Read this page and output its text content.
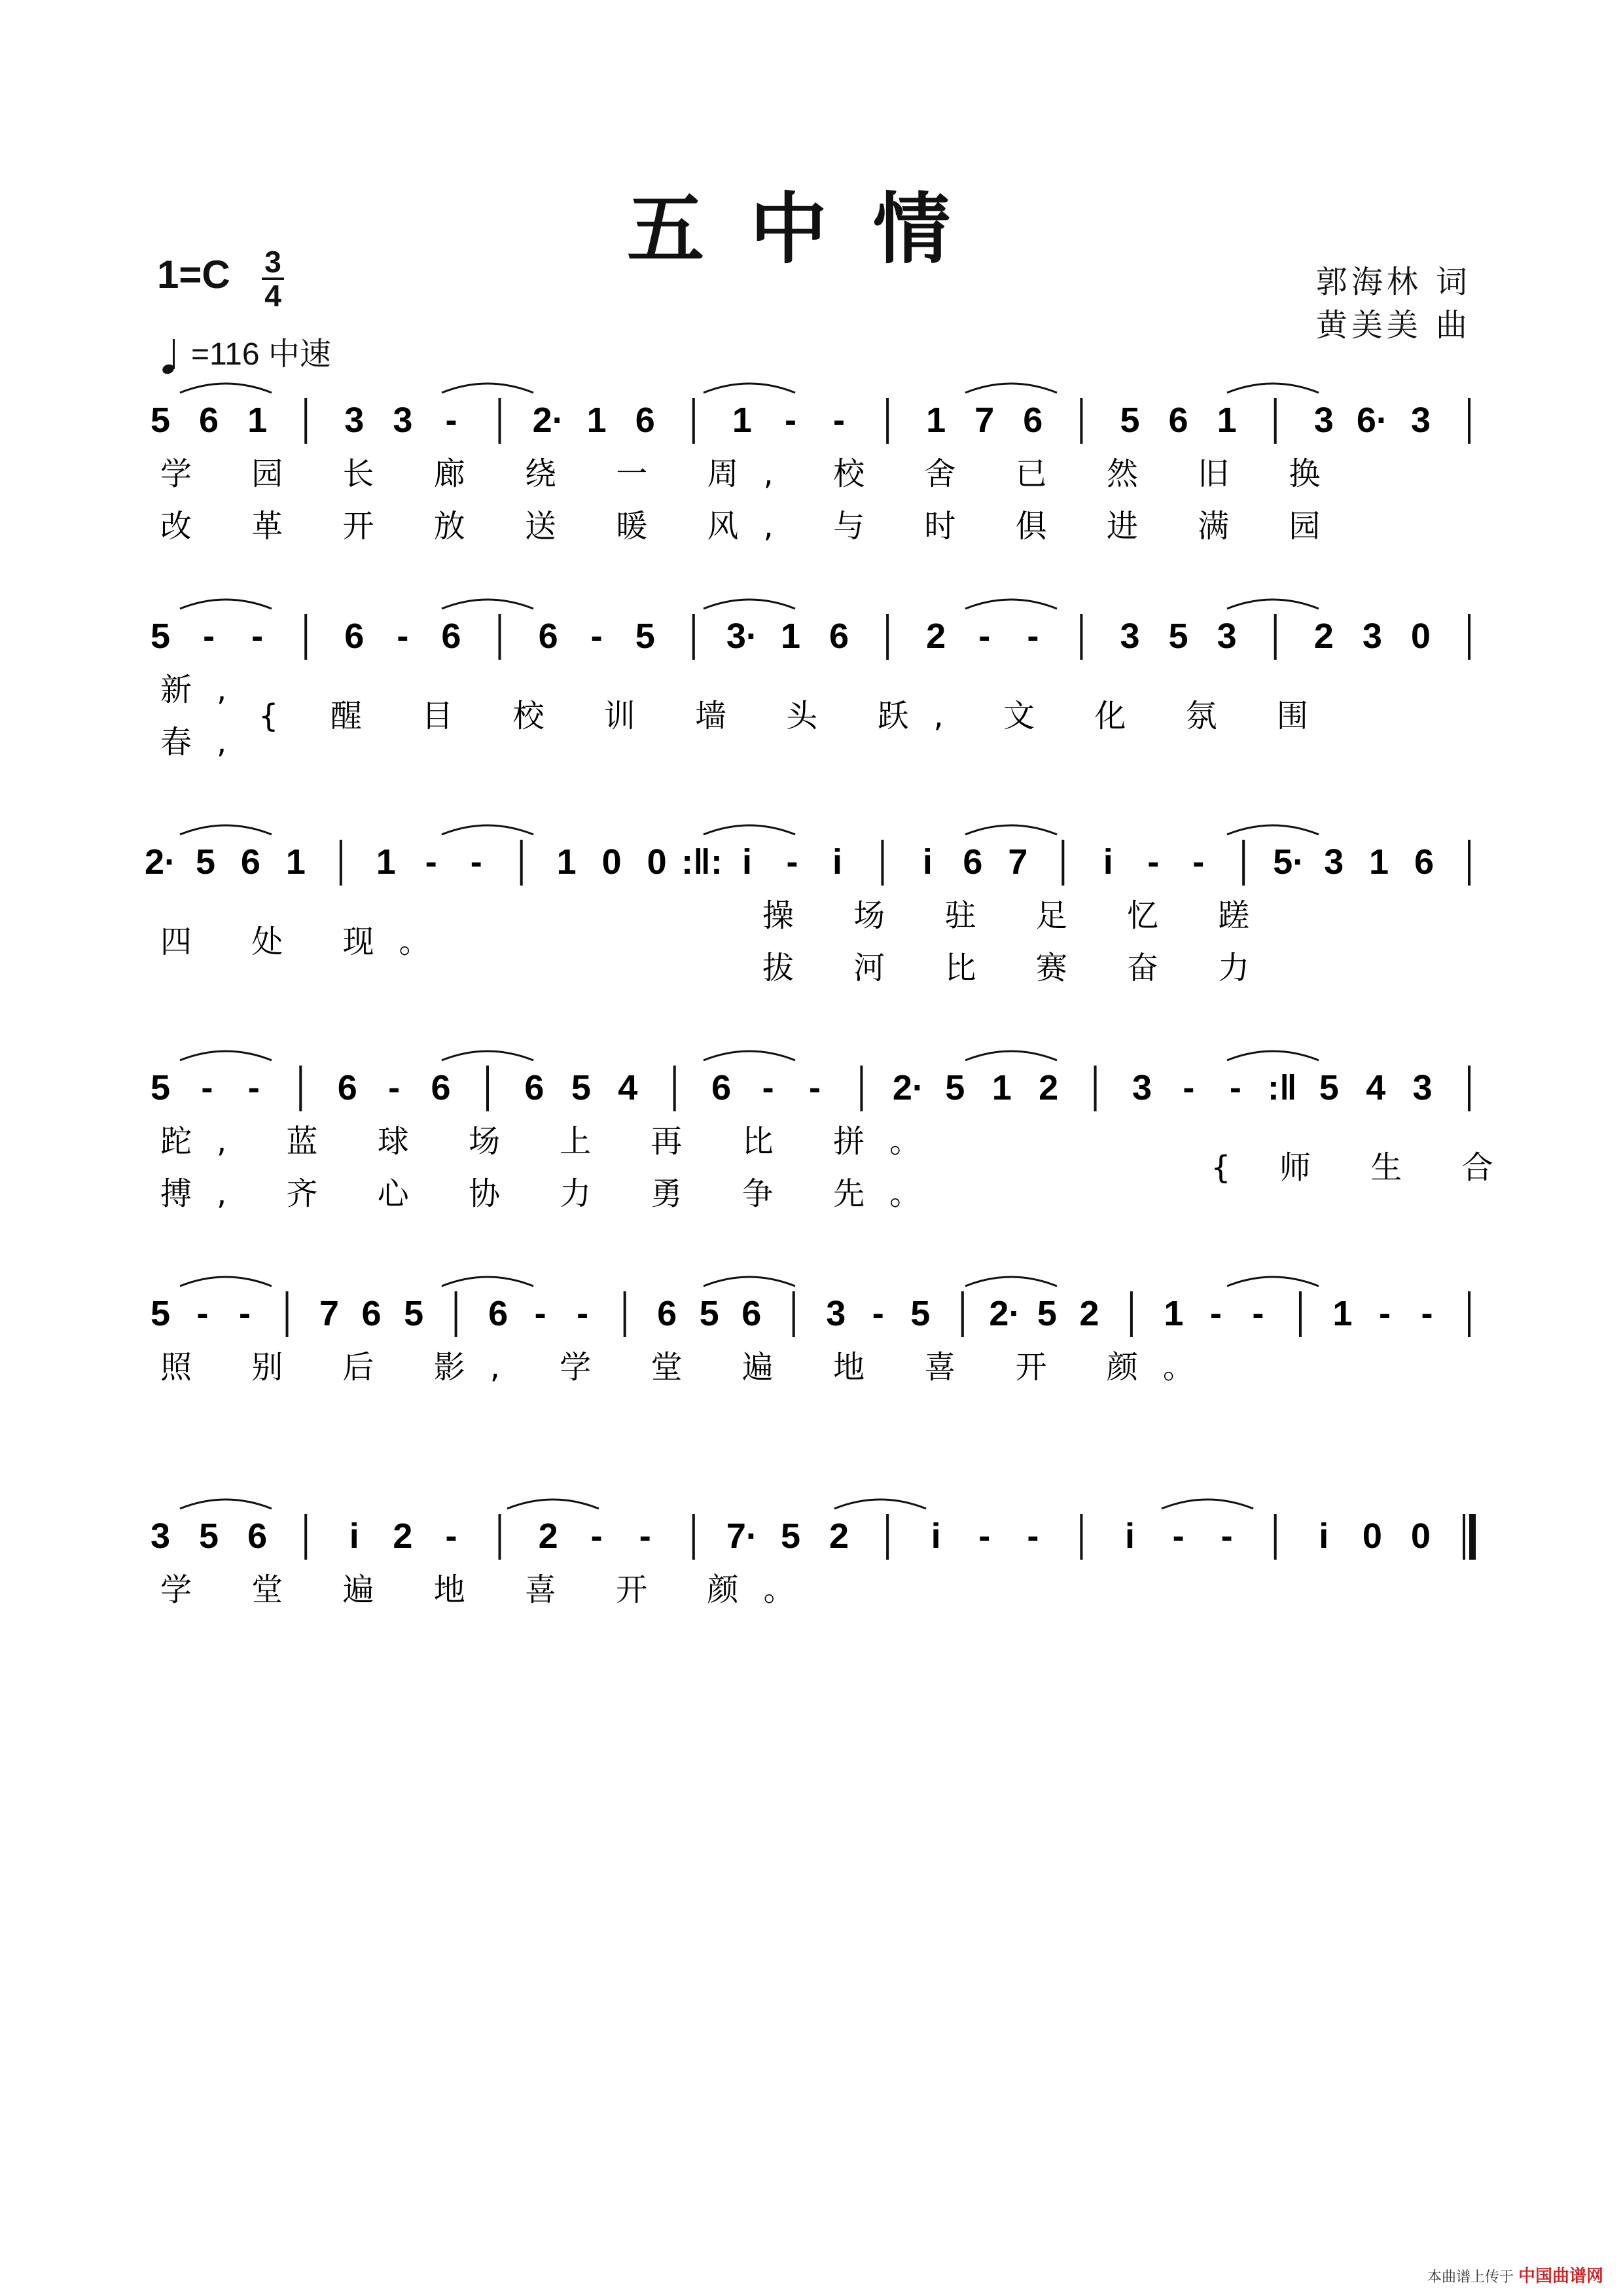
五中情
1=C 3
4
=116 中速
郭海林 词
黄美美 曲
5 6 1 3 3 - 2· 1 6 1 - - 1 7 6 5 6 1 3 6· 3
5 - - 6 - 6 6 - 5 3· 1 6 2 - - 3 5 3 2 3 0
2· 5 6 1 1 - - 1 0 0 :‖: i - i i 6 7 i - - 5· 3 1 6
5 - - 6 - 6 6 5 4 6 - - 2· 5 1 2 3 - - :‖ 5 4 3
5 - - 7 6 5 6 - - 6 5 6 3 - 5 2· 5 2 1 - - 1 - -
3 5 6 i 2 - 2 - - 7· 5 2 i - - i - - i 0 0
学 园 长 廊 绕 一 周, 校 舍 已 然 旧 换
改 革 开 放 送 暖 风, 与 时 俱 进 满 园
新,
春,
醒 目 校 训 墙 头 跃, 文 化 氛 围
{
四 处 现。
操 场 驻 足 忆 蹉
拔 河 比 赛 奋 力
跎, 蓝 球 场 上 再 比 拼。
搏, 齐 心 协 力 勇 争 先。
师 生 合
{
照 别 后 影, 学 堂 遍 地 喜 开 颜。
学 堂 遍 地 喜 开 颜。
本曲谱上传于 中国曲谱网
